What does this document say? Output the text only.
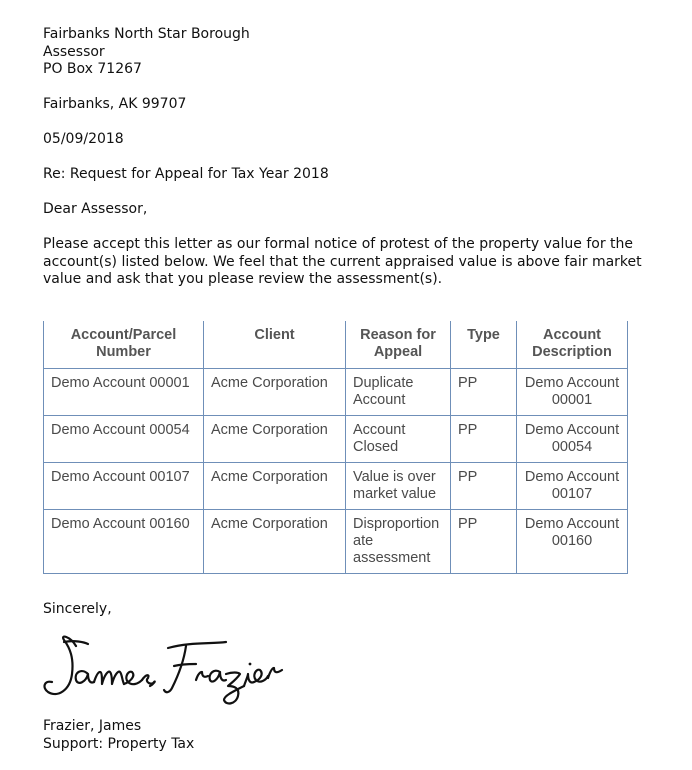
Fairbanks North Star Borough
Assessor
PO Box 71267
Fairbanks, AK 99707
05/09/2018
Re: Request for Appeal for Tax Year 2018
Dear Assessor,
Please accept this letter as our formal notice of protest of the property value for the account(s) listed below. We feel that the current appraised value is above fair market value and ask that you please review the assessment(s).
Account/Parcel Number	Client	Reason for Appeal	Type	Account Description
Demo Account 00001	Acme Corporation	Duplicate Account	PP	Demo Account 00001
Demo Account 00054	Acme Corporation	Account Closed	PP	Demo Account 00054
Demo Account 00107	Acme Corporation	Value is over market value	PP	Demo Account 00107
Demo Account 00160	Acme Corporation	Disproportion ate assessment	PP	Demo Account 00160
Sincerely,
Frazier, James
Support: Property Tax
